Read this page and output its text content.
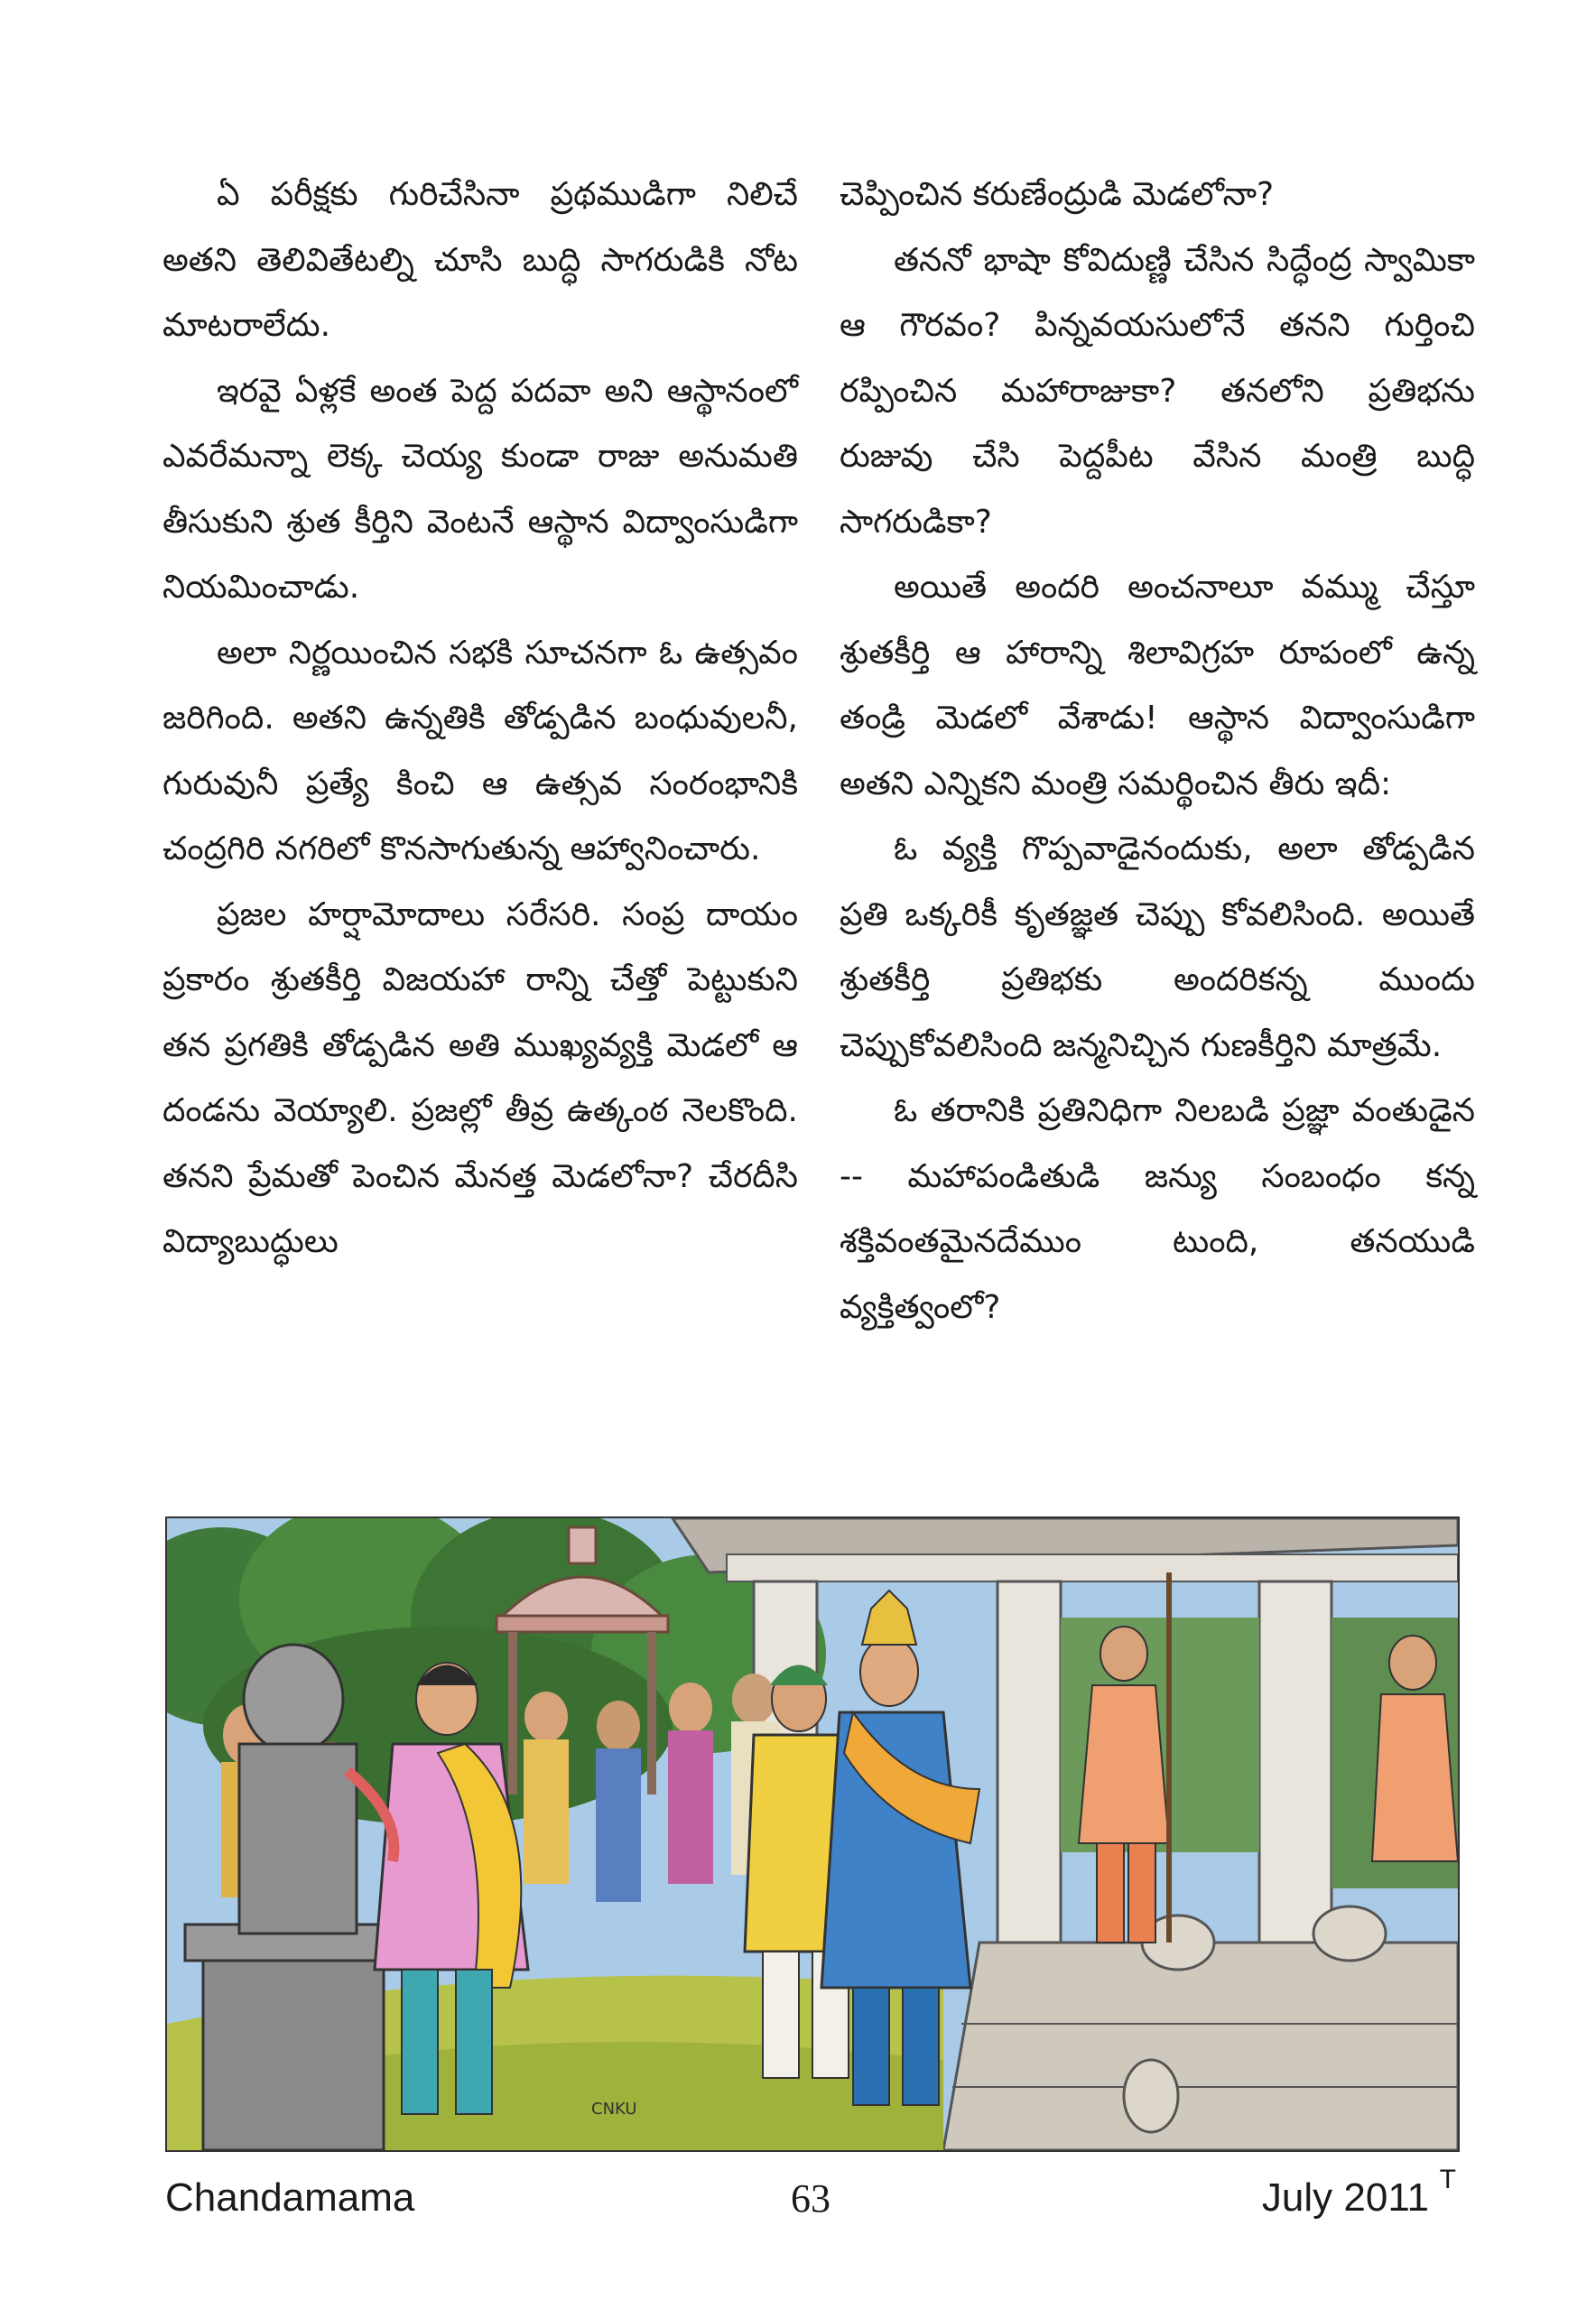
ఏ పరీక్షకు గురిచేసినా ప్రథముడిగా నిలిచే అతని తెలివితేటల్ని చూసి బుద్ధి సాగరుడికి నోట మాటరాలేదు.

ఇరవై ఏళ్లకే అంత పెద్ద పదవా అని ఆస్థానంలో ఎవరేమన్నా లెక్క చెయ్య కుండా రాజు అనుమతి తీసుకుని శ్రుత కీర్తిని వెంటనే ఆస్థాన విద్వాంసుడిగా నియమించాడు.

అలా నిర్ణయించిన సభకి సూచనగా ఓ ఉత్సవం జరిగింది. అతని ఉన్నతికి తోడ్పడిన బంధువులనీ, గురువునీ ప్రత్యే కించి ఆ ఉత్సవ సంరంభానికి చంద్రగిరి నగరిలో కొనసాగుతున్న ఆహ్వానించారు.

ప్రజల హర్షామోదాలు సరేసరి. సంప్ర దాయం ప్రకారం శ్రుతకీర్తి విజయహా రాన్ని చేత్తో పెట్టుకుని తన ప్రగతికి తోడ్పడిన అతి ముఖ్యవ్యక్తి మెడలో ఆ దండను వెయ్యాలి. ప్రజల్లో తీవ్ర ఉత్కంఠ నెలకొంది. తనని ప్రేమతో పెంచిన మేనత్త మెడలోనా? చేరదీసి విద్యాబుద్ధులు

చెప్పించిన కరుణేంద్రుడి మెడలోనా?

తననో భాషా కోవిదుణ్ణి చేసిన సిద్ధేంద్ర స్వామికా ఆ గౌరవం? పిన్నవయసులోనే తనని గుర్తించి రప్పించిన మహారాజుకా? తనలోని ప్రతిభను రుజువు చేసి పెద్దపీట వేసిన మంత్రి బుద్ధి సాగరుడికా?

అయితే అందరి అంచనాలూ వమ్ము చేస్తూ శ్రుతకీర్తి ఆ హారాన్ని శిలావిగ్రహ రూపంలో ఉన్న తండ్రి మెడలో వేశాడు! ఆస్థాన విద్వాంసుడిగా అతని ఎన్నికని మంత్రి సమర్థించిన తీరు ఇదీ:

ఓ వ్యక్తి గొప్పవాడైనందుకు, అలా తోడ్పడిన ప్రతి ఒక్కరికీ కృతజ్ఞత చెప్పు కోవలిసింది. అయితే శ్రుతకీర్తి ప్రతిభకు అందరికన్న ముందు చెప్పుకోవలిసింది జన్మనిచ్చిన గుణకీర్తిని మాత్రమే.

ఓ తరానికి ప్రతినిధిగా నిలబడి ప్రజ్ఞా వంతుడైన -- మహాపండితుడి జన్యు సంబంధం కన్న శక్తివంతమైనదేముం టుంది, తనయుడి వ్యక్తిత్వంలో?

CNKU
Chandamama	63	July 2011 T
